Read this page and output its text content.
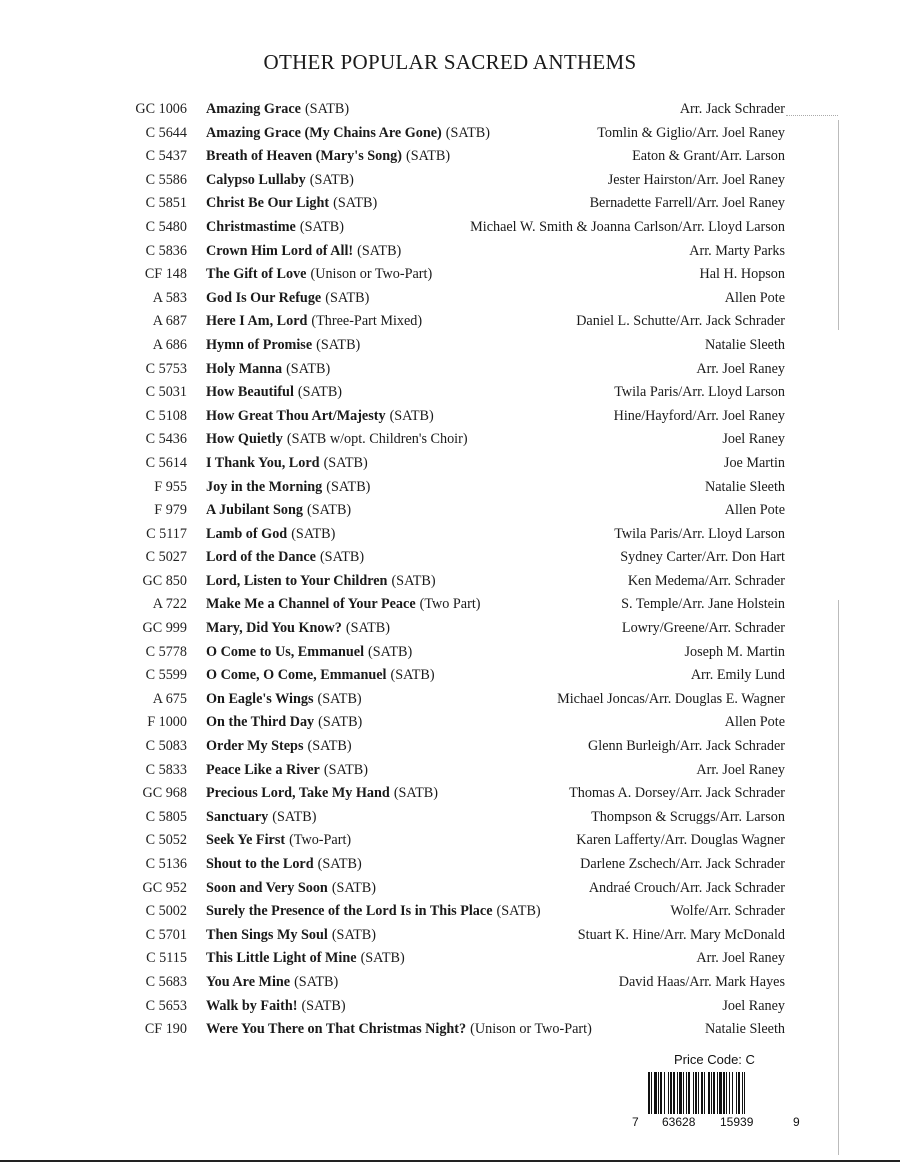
OTHER POPULAR SACRED ANTHEMS
GC 1006 Amazing Grace (SATB)	Arr. Jack Schrader
C 5644 Amazing Grace (My Chains Are Gone) (SATB)	Tomlin & Giglio/Arr. Joel Raney
C 5437 Breath of Heaven (Mary's Song) (SATB)	Eaton & Grant/Arr. Larson
C 5586 Calypso Lullaby (SATB)	Jester Hairston/Arr. Joel Raney
C 5851 Christ Be Our Light (SATB)	Bernadette Farrell/Arr. Joel Raney
C 5480 Christmastime (SATB)	Michael W. Smith & Joanna Carlson/Arr. Lloyd Larson
C 5836 Crown Him Lord of All! (SATB)	Arr. Marty Parks
CF 148 The Gift of Love (Unison or Two-Part)	Hal H. Hopson
A 583 God Is Our Refuge (SATB)	Allen Pote
A 687 Here I Am, Lord (Three-Part Mixed)	Daniel L. Schutte/Arr. Jack Schrader
A 686 Hymn of Promise (SATB)	Natalie Sleeth
C 5753 Holy Manna (SATB)	Arr. Joel Raney
C 5031 How Beautiful (SATB)	Twila Paris/Arr. Lloyd Larson
C 5108 How Great Thou Art/Majesty (SATB)	Hine/Hayford/Arr. Joel Raney
C 5436 How Quietly (SATB w/opt. Children's Choir)	Joel Raney
C 5614 I Thank You, Lord (SATB)	Joe Martin
F 955 Joy in the Morning (SATB)	Natalie Sleeth
F 979 A Jubilant Song (SATB)	Allen Pote
C 5117 Lamb of God (SATB)	Twila Paris/Arr. Lloyd Larson
C 5027 Lord of the Dance (SATB)	Sydney Carter/Arr. Don Hart
GC 850 Lord, Listen to Your Children (SATB)	Ken Medema/Arr. Schrader
A 722 Make Me a Channel of Your Peace (Two Part)	S. Temple/Arr. Jane Holstein
GC 999 Mary, Did You Know? (SATB)	Lowry/Greene/Arr. Schrader
C 5778 O Come to Us, Emmanuel (SATB)	Joseph M. Martin
C 5599 O Come, O Come, Emmanuel (SATB)	Arr. Emily Lund
A 675 On Eagle's Wings (SATB)	Michael Joncas/Arr. Douglas E. Wagner
F 1000 On the Third Day (SATB)	Allen Pote
C 5083 Order My Steps (SATB)	Glenn Burleigh/Arr. Jack Schrader
C 5833 Peace Like a River (SATB)	Arr. Joel Raney
GC 968 Precious Lord, Take My Hand (SATB)	Thomas A. Dorsey/Arr. Jack Schrader
C 5805 Sanctuary (SATB)	Thompson & Scruggs/Arr. Larson
C 5052 Seek Ye First (Two-Part)	Karen Lafferty/Arr. Douglas Wagner
C 5136 Shout to the Lord (SATB)	Darlene Zschech/Arr. Jack Schrader
GC 952 Soon and Very Soon (SATB)	Andraé Crouch/Arr. Jack Schrader
C 5002 Surely the Presence of the Lord Is in This Place (SATB)	Wolfe/Arr. Schrader
C 5701 Then Sings My Soul (SATB)	Stuart K. Hine/Arr. Mary McDonald
C 5115 This Little Light of Mine (SATB)	Arr. Joel Raney
C 5683 You Are Mine (SATB)	David Haas/Arr. Mark Hayes
C 5653 Walk by Faith! (SATB)	Joel Raney
CF 190 Were You There on That Christmas Night? (Unison or Two-Part)	Natalie Sleeth
Price Code: C
7 63628 15939	9
